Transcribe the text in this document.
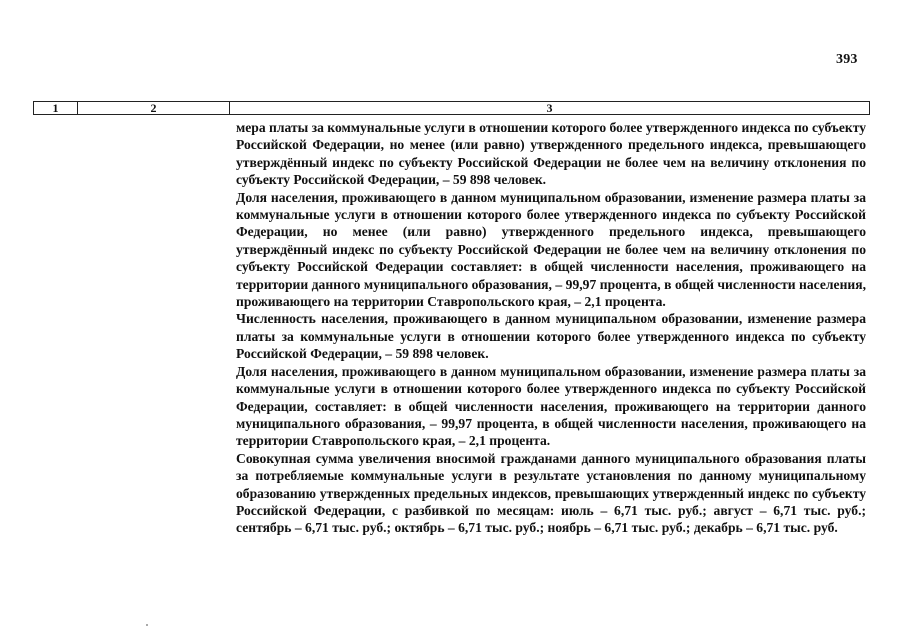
393
1	2	3

мера платы за коммунальные услуги в отношении которого более утвержденного индекса по субъекту Российской Федерации, но менее (или равно) утвержденного предельного индекса, превышающего утверждённый индекс по субъекту Российской Федерации не более чем на величину отклонения по субъекту Российской Федерации, – 59 898 человек.

Доля населения, проживающего в данном муниципальном образовании, изменение размера платы за коммунальные услуги в отношении которого более утвержденного индекса по субъекту Российской Федерации, но менее (или равно) утвержденного предельного индекса, превышающего утверждённый индекс по субъекту Российской Федерации не более чем на величину отклонения по субъекту Российской Федерации составляет: в общей численности населения, проживающего на территории данного муниципального образования, – 99,97 процента, в общей численности населения, проживающего на территории Ставропольского края, – 2,1 процента.

Численность населения, проживающего в данном муниципальном образовании, изменение размера платы за коммунальные услуги в отношении которого более утвержденного индекса по субъекту Российской Федерации, – 59 898 человек.

Доля населения, проживающего в данном муниципальном образовании, изменение размера платы за коммунальные услуги в отношении которого более утвержденного индекса по субъекту Российской Федерации, составляет: в общей численности населения, проживающего на территории данного муниципального образования, – 99,97 процента, в общей численности населения, проживающего на территории Ставропольского края, – 2,1 процента.

Совокупная сумма увеличения вносимой гражданами данного муниципального образования платы за потребляемые коммунальные услуги в результате установления по данному муниципальному образованию утвержденных предельных индексов, превышающих утвержденный индекс по субъекту Российской Федерации, с разбивкой по месяцам: июль – 6,71 тыс. руб.; август – 6,71 тыс. руб.; сентябрь – 6,71 тыс. руб.; октябрь – 6,71 тыс. руб.; ноябрь – 6,71 тыс. руб.; декабрь – 6,71 тыс. руб.
